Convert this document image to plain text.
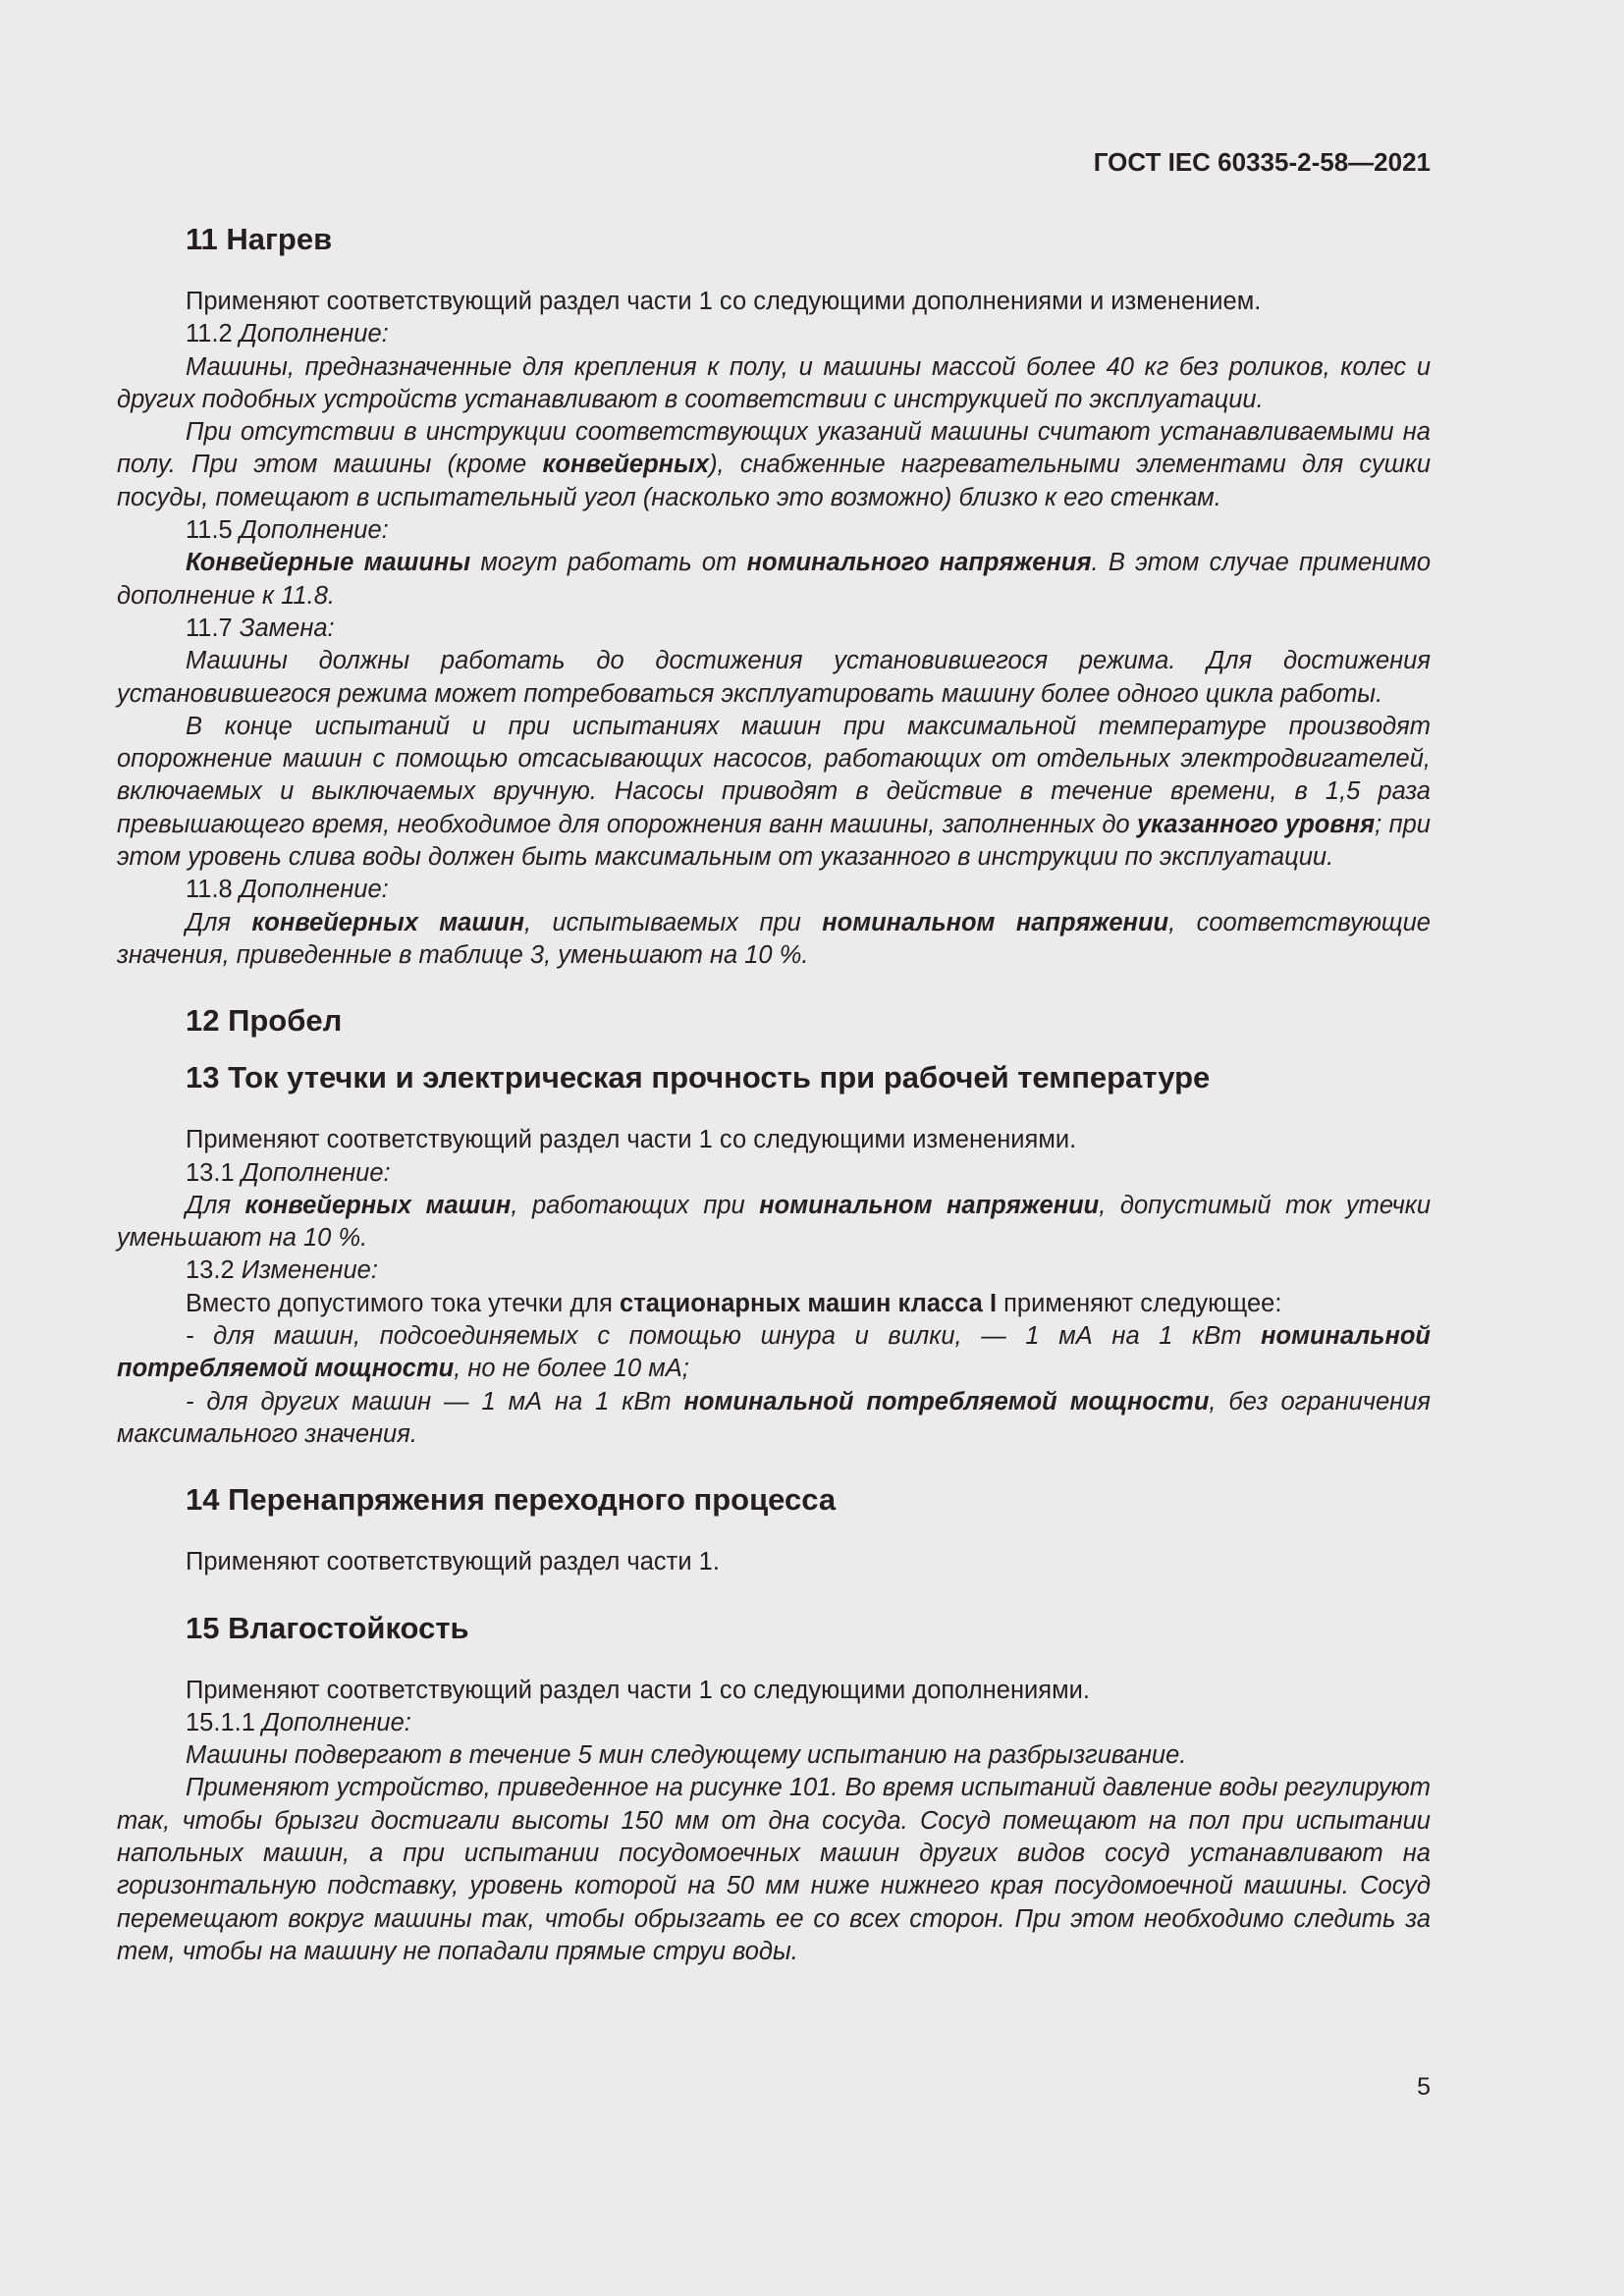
ГОСТ IEC 60335-2-58—2021

11 Нагрев

Применяют соответствующий раздел части 1 со следующими дополнениями и изменением.

11.2 Дополнение:

Машины, предназначенные для крепления к полу, и машины массой более 40 кг без роликов, колес и других подобных устройств устанавливают в соответствии с инструкцией по эксплуатации.

При отсутствии в инструкции соответствующих указаний машины считают устанавливаемыми на полу. При этом машины (кроме конвейерных), снабженные нагревательными элементами для сушки посуды, помещают в испытательный угол (насколько это возможно) близко к его стенкам.

11.5 Дополнение:

Конвейерные машины могут работать от номинального напряжения. В этом случае применимо дополнение к 11.8.

11.7 Замена:

Машины должны работать до достижения установившегося режима. Для достижения установившегося режима может потребоваться эксплуатировать машину более одного цикла работы.

В конце испытаний и при испытаниях машин при максимальной температуре производят опорожнение машин с помощью отсасывающих насосов, работающих от отдельных электродвигателей, включаемых и выключаемых вручную. Насосы приводят в действие в течение времени, в 1,5 раза превышающего время, необходимое для опорожнения ванн машины, заполненных до указанного уровня; при этом уровень слива воды должен быть максимальным от указанного в инструкции по эксплуатации.

11.8 Дополнение:

Для конвейерных машин, испытываемых при номинальном напряжении, соответствующие значения, приведенные в таблице 3, уменьшают на 10 %.

12 Пробел
13 Ток утечки и электрическая прочность при рабочей температуре

Применяют соответствующий раздел части 1 со следующими изменениями.

13.1 Дополнение:

Для конвейерных машин, работающих при номинальном напряжении, допустимый ток утечки уменьшают на 10 %.

13.2 Изменение:

Вместо допустимого тока утечки для стационарных машин класса I применяют следующее:

- для машин, подсоединяемых с помощью шнура и вилки, — 1 мА на 1 кВт номинальной потребляемой мощности, но не более 10 мА;

- для других машин — 1 мА на 1 кВт номинальной потребляемой мощности, без ограничения максимального значения.

14 Перенапряжения переходного процесса

Применяют соответствующий раздел части 1.

15 Влагостойкость

Применяют соответствующий раздел части 1 со следующими дополнениями.

15.1.1 Дополнение:

Машины подвергают в течение 5 мин следующему испытанию на разбрызгивание.

Применяют устройство, приведенное на рисунке 101. Во время испытаний давление воды регулируют так, чтобы брызги достигали высоты 150 мм от дна сосуда. Сосуд помещают на пол при испытании напольных машин, а при испытании посудомоечных машин других видов сосуд устанавливают на горизонтальную подставку, уровень которой на 50 мм ниже нижнего края посудомоечной машины. Сосуд перемещают вокруг машины так, чтобы обрызгать ее со всех сторон. При этом необходимо следить за тем, чтобы на машину не попадали прямые струи воды.

5
